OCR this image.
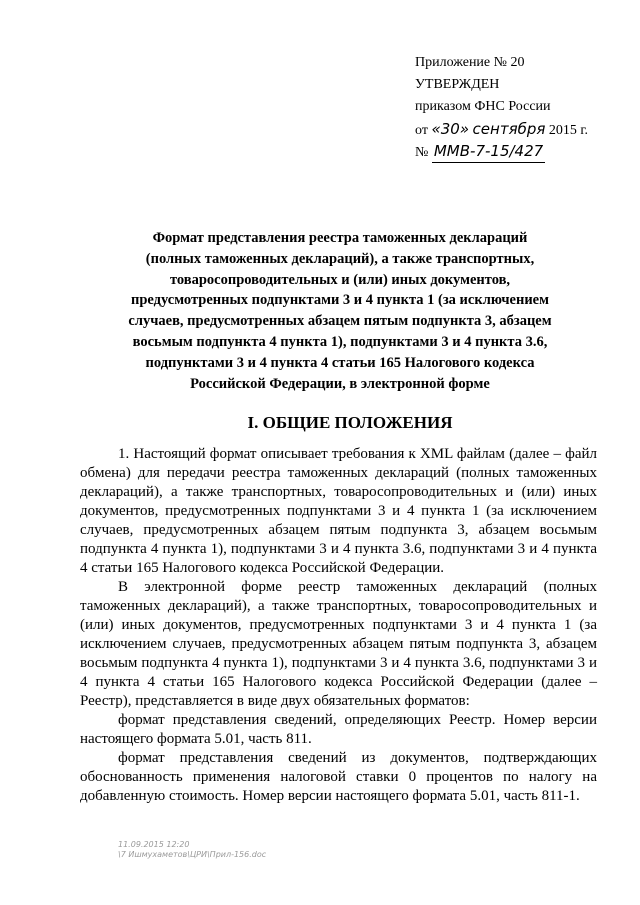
Приложение № 20
УТВЕРЖДЕН
приказом ФНС России
от «30» сентября 2015 г.
№ ММВ-7-15/427
Формат представления реестра таможенных деклараций
(полных таможенных деклараций), а также транспортных,
товаросопроводительных и (или) иных документов,
предусмотренных подпунктами 3 и 4 пункта 1 (за исключением
случаев, предусмотренных абзацем пятым подпункта 3, абзацем
восьмым подпункта 4 пункта 1), подпунктами 3 и 4 пункта 3.6,
подпунктами 3 и 4 пункта 4 статьи 165 Налогового кодекса
Российской Федерации, в электронной форме
I. ОБЩИЕ ПОЛОЖЕНИЯ

1. Настоящий формат описывает требования к XML файлам (далее – файл обмена) для передачи реестра таможенных деклараций (полных таможенных деклараций), а также транспортных, товаросопроводительных и (или) иных документов, предусмотренных подпунктами 3 и 4 пункта 1 (за исключением случаев, предусмотренных абзацем пятым подпункта 3, абзацем восьмым подпункта 4 пункта 1), подпунктами 3 и 4 пункта 3.6, подпунктами 3 и 4 пункта 4 статьи 165 Налогового кодекса Российской Федерации.

В электронной форме реестр таможенных деклараций (полных таможенных деклараций), а также транспортных, товаросопроводительных и (или) иных документов, предусмотренных подпунктами 3 и 4 пункта 1 (за исключением случаев, предусмотренных абзацем пятым подпункта 3, абзацем восьмым подпункта 4 пункта 1), подпунктами 3 и 4 пункта 3.6, подпунктами 3 и 4 пункта 4 статьи 165 Налогового кодекса Российской Федерации (далее – Реестр), представляется в виде двух обязательных форматов:

формат представления сведений, определяющих Реестр. Номер версии настоящего формата 5.01, часть 811.

формат представления сведений из документов, подтверждающих обоснованность применения налоговой ставки 0 процентов по налогу на добавленную стоимость. Номер версии настоящего формата 5.01, часть 811-1.

11.09.2015 12:20
\7 Ишмухаметов\ЦРИ\Прил-156.doc
